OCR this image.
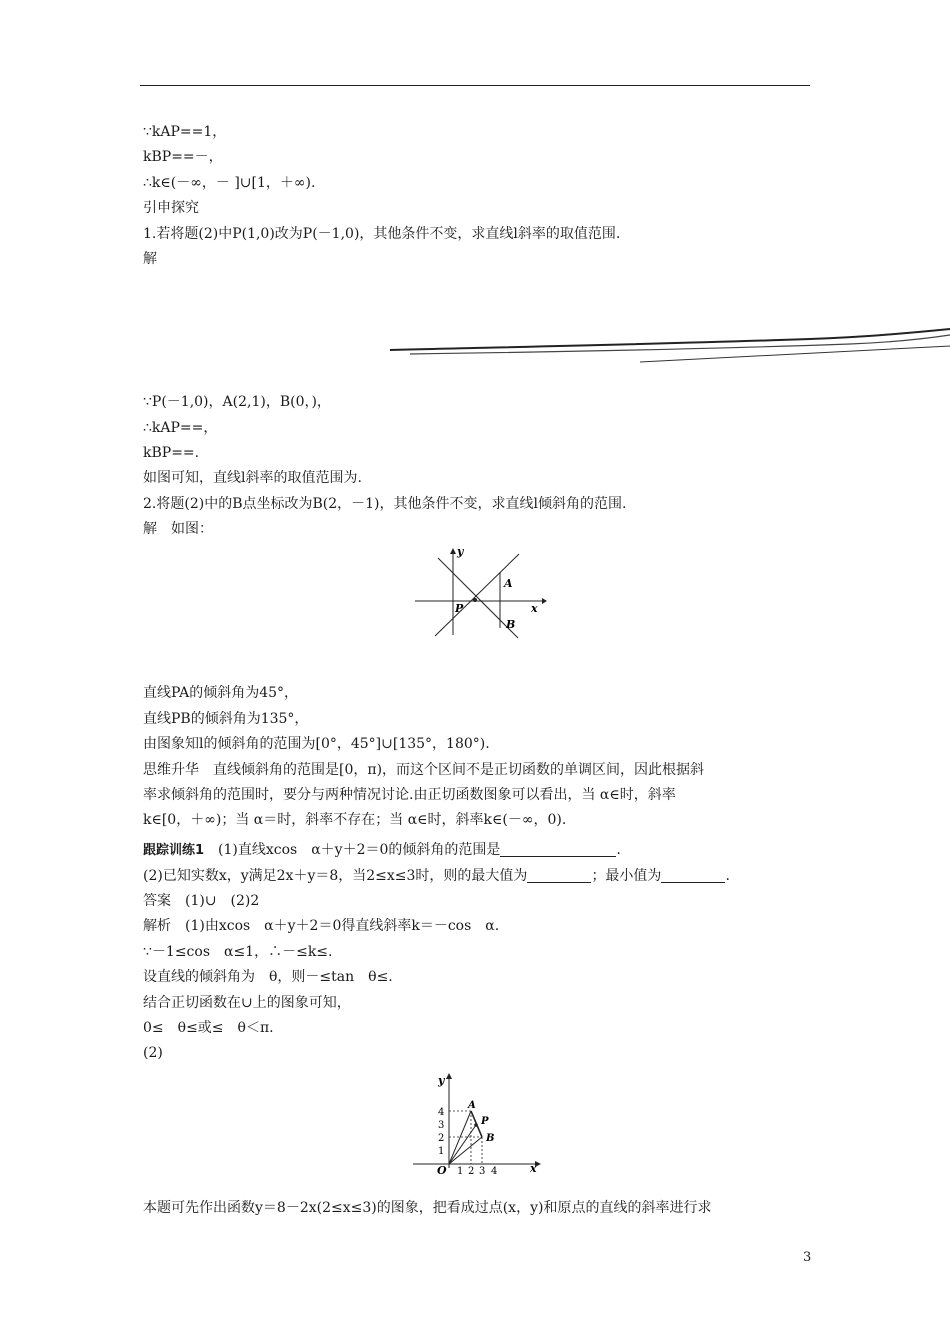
∵kAP==1，
kBP==－，
∴k∈(－∞，－ ]∪[1，＋∞).
引申探究
1.若将题(2)中P(1,0)改为P(－1,0)，其他条件不变，求直线l斜率的取值范围.
解
∵P(－1,0)，A(2,1)，B(0，)，
∴kAP==，
kBP==.
如图可知，直线l斜率的取值范围为.
2.将题(2)中的B点坐标改为B(2，－1)，其他条件不变，求直线l倾斜角的范围.
解　如图：
y
x
A
P
B
直线PA的倾斜角为45°，
直线PB的倾斜角为135°，
由图象知l的倾斜角的范围为[0°，45°]∪[135°，180°).
思维升华　直线倾斜角的范围是[0，π)，而这个区间不是正切函数的单调区间，因此根据斜
率求倾斜角的范围时，要分与两种情况讨论.由正切函数图象可以看出，当 α∈时，斜率
k∈[0，＋∞)；当 α＝时，斜率不存在；当 α∈时，斜率k∈(－∞，0).
跟踪训练1　(1)直线xcos　α＋y＋2＝0的倾斜角的范围是	.
(2)已知实数x，y满足2x＋y＝8，当2≤x≤3时，则的最大值为	；最小值为	.
答案　(1)∪　(2)2
解析　(1)由xcos　α＋y＋2＝0得直线斜率k＝－cos　α.
∵－1≤cos　α≤1，∴－≤k≤.
设直线的倾斜角为　θ，则－≤tan　θ≤.
结合正切函数在∪上的图象可知，
0≤　θ≤或≤　θ＜π.
(2)
y
x
O
A
P
B
4
3
2
1
1 2 3 4
本题可先作出函数y＝8－2x(2≤x≤3)的图象，把看成过点(x，y)和原点的直线的斜率进行求
3
